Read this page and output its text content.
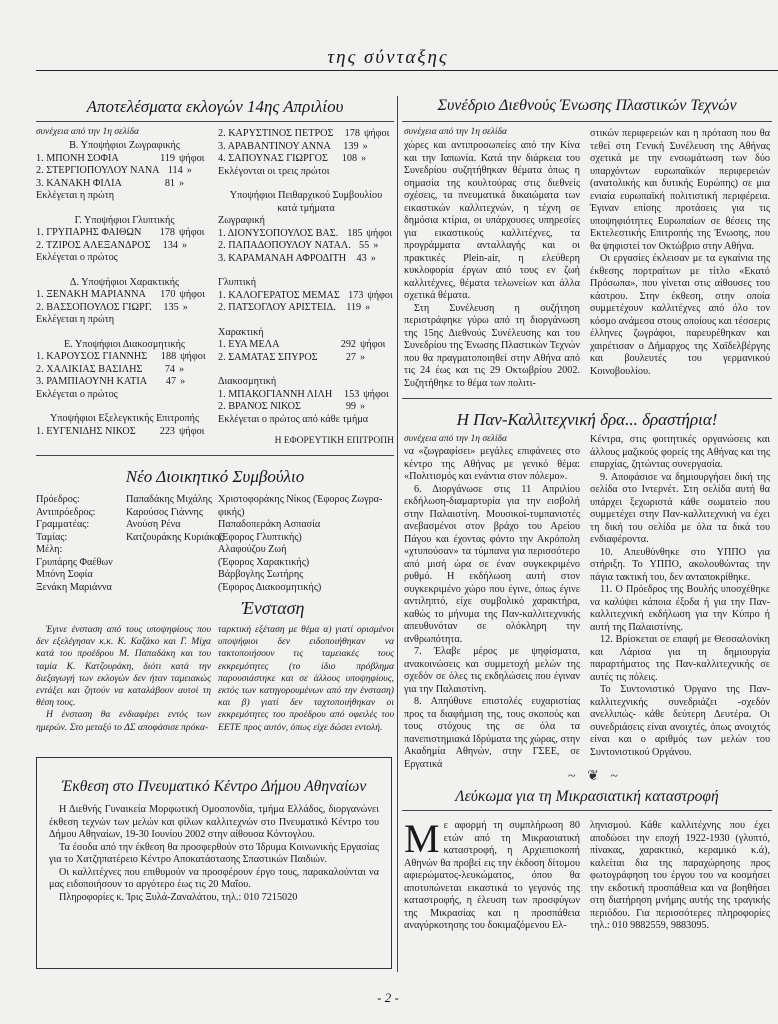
της σύνταξης
Αποτελέσματα εκλογών 14ης Απριλίου
συνέχεια από την 1η σελίδα
Β. Υποψήφιοι Ζωγραφικής
1. ΜΠΟΝΗ ΣΟΦΙΑ	119 ψήφοι
2. ΣΤΕΡΓΙΟΠΟΥΛΟΥ ΝΑΝΑ 114 »
3. ΚΑΝΑΚΗ ΦΙΛΙΑ	81 »
Εκλέγεται η πρώτη
Γ. Υποψήφιοι Γλυπτικής
1. ΓΡΥΠΑΡΗΣ ΦΑΙΘΩΝ	178 ψήφοι
2. ΤΖΙΡΟΣ ΑΛΕΞΑΝΔΡΟΣ	134 »
Εκλέγεται ο πρώτος
Δ. Υποψήφιοι Χαρακτικής
1. ΞΕΝΑΚΗ ΜΑΡΙΑΝΝΑ	170 ψήφοι
2. ΒΑΣΣΟΠΟΥΛΟΣ ΓΙΩΡΓ.	135 »
Εκλέγεται η πρώτη
Ε. Υποψήφιοι Διακοσμητικής
1. ΚΑΡΟΥΣΟΣ ΓΙΑΝΝΗΣ	188 ψήφοι
2. ΧΑΛΙΚΙΑΣ ΒΑΣΙΛΗΣ	74 »
3. ΡΑΜΠΙΑΟΥΝΗ ΚΑΤΙΑ	47 »
Εκλέγεται ο πρώτος
Υποψήφιοι Εξελεγκτικής Επιτροπής
1. ΕΥΓΕΝΙΔΗΣ ΝΙΚΟΣ	223 ψήφοι
2. ΚΑΡΥΣΤΙΝΟΣ ΠΕΤΡΟΣ	178 ψήφοι
3. ΑΡΑΒΑΝΤΙΝΟΥ ΑΝΝΑ	139 »
4. ΣΑΠΟΥΝΑΣ ΓΙΩΡΓΟΣ	108 »
Εκλέγονται οι τρεις πρώτοι
Υποψήφιοι Πειθαρχικού Συμβουλίου
κατά τμήματα
Ζωγραφική
1. ΔΙΟΝΥΣΟΠΟΥΛΟΣ ΒΑΣ. 185 ψήφοι
2. ΠΑΠΑΔΟΠΟΥΛΟΥ ΝΑΤΑΛ. 55 »
3. ΚΑΡΑΜΑΝΑΗ ΑΦΡΟΔΙΤΗ	43 »
Γλυπτική
1. ΚΑΛΟΓΕΡΑΤΟΣ ΜΕΜΑΣ 173 ψήφοι
2. ΠΑΤΣΟΓΛΟΥ ΑΡΙΣΤΕΙΔ.	119 »
Χαρακτική
1. ΕΥΑ ΜΕΛΑ	292 ψήφοι
2. ΣΑΜΑΤΑΣ ΣΠΥΡΟΣ	27 »
Διακοσμητική
1. ΜΠΑΚΟΓΙΑΝΝΗ ΛΙΛΗ	153 ψήφοι
2. ΒΡΑΝΟΣ ΝΙΚΟΣ	99 »
Εκλέγεται ο πρώτος από κάθε τμήμα
Η ΕΦΟΡΕΥΤΙΚΗ ΕΠΙΤΡΟΠΗ
Νέο Διοικητικό Συμβούλιο
Πρόεδρος:	Παπαδάκης Μιχάλης
Αντιπρόεδρος:	Καρούσος Γιάννης
Γραμματέας:	Ανούση Ρένα
Ταμίας:	Κατζουράκης Κυριάκος
Μέλη:
Γρυπάρης Φαέθων
Μπόνη Σοφία
Ξενάκη Μαριάννα
Χριστοφοράκης Νίκος (Έφορος Ζωγρα-
φικής)
Παπαδοπεράκη Ασπασία
(Έφορος Γλυπτικής)
Αλαφούζου Ζωή
(Έφορος Χαρακτικής)
Βάρβογλης Σωτήρης
(Έφορος Διακοσμητικής)
Ένσταση

Έγινε ένσταση από τους υποψηφίους που δεν εξελέγησαν κ.κ. Κ. Καζάκο και Γ. Μίχα κατά του προέδρου Μ. Παπαδάκη και του ταμία Κ. Κατζουράκη, διότι κατά την διεξαγωγή των εκλογών δεν ήταν ταμειακώς εντάξει και ζητούν να καταλάβουν αυτοί τη θέση τους.

Η ένσταση θα ενδιαφέρει εντός των ημερών. Στο μεταξύ το ΔΣ αποφάσισε πρόκα-

ταρκτική εξέταση με θέμα α) γιατί ορισμένοι υποψήφιοι δεν ειδοποιήθηκαν να τακτοποιήσουν τις ταμειακές τους εκκρεμότητες (το ίδιο πρόβλημα παρουσιάστηκε και σε άλλους υποψηφίους, εκτός των κατηγορουμένων από την ένσταση) και β) γιατί δεν ταχτοποιήθηκαν οι εκκρεμότητες του προέδρου από οφειλές του ΕΕΤΕ προς αυτόν, όπως είχε δώσει εντολή.
Έκθεση στο Πνευματικό Κέντρο Δήμου Αθηναίων

Η Διεθνής Γυναικεία Μορφωτική Ομοσπονδία, τμήμα Ελλάδος, διοργανώνει έκθεση τεχνών των μελών και φίλων καλλιτεχνών στο Πνευματικό Κέντρο του Δήμου Αθηναίων, 19-30 Ιουνίου 2002 στην αίθουσα Κόντογλου.

Τα έσοδα από την έκθεση θα προσφερθούν στο Ίδρυμα Κοινωνικής Εργασίας για το Χατζηπατέρειο Κέντρο Αποκατάστασης Σπαστικών Παιδιών.

Οι καλλιτέχνες που επιθυμούν να προσφέρουν έργο τους, παρακαλούνται να μας ειδοποιήσουν το αργότερο έως τις 20 Μαΐου.

Πληροφορίες κ. Ίρις Ξυλά-Ζαναλάτου, τηλ.: 010 7215020

Συνέδριο Διεθνούς Ένωσης Πλαστικών Τεχνών
συνέχεια από την 1η σελίδα

χώρες και αντιπροσωπείες από την Κίνα και την Ιαπωνία. Κατά την διάρκεια του Συνεδρίου συζητήθηκαν θέματα όπως η σημασία της κουλτούρας στις διεθνείς σχέσεις, τα πνευματικά δικαιώματα των εικαστικών καλλιτεχνών, η τέχνη σε δημόσια κτίρια, οι υπάρχουσες υπηρεσίες για εικαστικούς καλλιτέχνες, τα προγράμματα ανταλλαγής και οι πρακτικές Plein-air, η ελεύθερη κυκλοφορία έργων από τους εν ζωή καλλιτέχνες, θέματα τελωνείων και άλλα σχετικά θέματα.

Στη Συνέλευση η συζήτηση περιστράφηκε γύρω από τη διοργάνωση της 15ης Διεθνούς Συνέλευσης και του Συνεδρίου της Ένωσης Πλαστικών Τεχνών που θα πραγματοποιηθεί στην Αθήνα από τις 24 έως και τις 29 Οκτωβρίου 2002. Συζητήθηκε το θέμα των πολιτι-

στικών περιφερειών και η πρόταση που θα τεθεί στη Γενική Συνέλευση της Αθήνας σχετικά με την ενσωμάτωση των δύο υπαρχόντων ευρωπαϊκών περιφερειών (ανατολικής και δυτικής Ευρώπης) σε μια ενιαία ευρωπαϊκή πολιτιστική περιφέρεια. Έγιναν επίσης προτάσεις για τις υποψηφιότητες Ευρωπαίων σε θέσεις της Εκτελεστικής Επιτροπής της Ένωσης, που θα ψηφιστεί τον Οκτώβριο στην Αθήνα.

Οι εργασίες έκλεισαν με τα εγκαίνια της έκθεσης πορτραίτων με τίτλο «Εκατό Πρόσωπα», που γίνεται στις αίθουσες του κάστρου. Στην έκθεση, στην οποία συμμετέχουν καλλιτέχνες από όλο τον κόσμο ανάμεσα στους οποίους και τέσσερις έλληνες ζωγράφοι, παρευρέθηκαν και χαιρέτισαν ο Δήμαρχος της Χαϊδελβέργης και βουλευτές του γερμανικού Κοινοβουλίου.

Η Παν-Καλλιτεχνική δρα... δραστήρια!
συνέχεια από την 1η σελίδα

να «ζωγραφίσει» μεγάλες επιφάνειες στο κέντρο της Αθήνας με γενικό θέμα: «Πολιτισμός και ενάντια στον πόλεμο».

6. Διοργάνωσε στις 11 Απριλίου εκδήλωση-διαμαρτυρία για την εισβολή στην Παλαιστίνη. Μουσικοί-τυμπανιστές ανεβασμένοι στον βράχο του Αρείου Πάγου και έχοντας φόντο την Ακρόπολη «χτυπούσαν» τα τύμπανα για περισσότερο από μισή ώρα σε έναν συγκεκριμένο ρυθμό. Η εκδήλωση αυτή στον συγκεκριμένο χώρο που έγινε, όπως έγινε αντιληπτό, είχε συμβολικό χαρακτήρα, καθώς το μήνυμα της Παν-καλλιτεχνικής απευθυνόταν σε ολόκληρη την ανθρωπότητα.

7. Έλαβε μέρος με ψηφίσματα, ανακοινώσεις και συμμετοχή μελών της σχεδόν σε όλες τις εκδηλώσεις που έγιναν για την Παλαιστίνη.

8. Απηύθυνε επιστολές ευχαριστίας προς τα διαφήμιση της, τους σκοπούς και τους στόχους της σε όλα τα πανεπιστημιακά Ιδρύματα της χώρας, στην Ακαδημία Αθηνών, στην ΓΣΕΕ, σε Εργατικά

Κέντρα, στις φοιτητικές οργανώσεις και άλλους μαζικούς φορείς της Αθήνας και της επαρχίας, ζητώντας συνεργασία.

9. Αποφάσισε να δημιουργήσει δική της σελίδα στο Ιντερνέτ. Στη σελίδα αυτή θα υπάρχει ξεχωριστά κάθε σωματείο που συμμετέχει στην Παν-καλλιτεχνική να έχει τη δική του σελίδα με όλα τα δικά του ενδιαφέροντα.

10. Απευθύνθηκε στο ΥΠΠΟ για στήριξη. Το ΥΠΠΟ, ακολουθώντας την πάγια τακτική του, δεν ανταποκρίθηκε.

11. Ο Πρόεδρος της Βουλής υποσχέθηκε να καλύψει κάποια έξοδα ή για την Παν-καλλιτεχνική εκδήλωση για την Κύπρο ή αυτή της Παλαιστίνης.

12. Βρίσκεται σε επαφή με Θεσσαλονίκη και Λάρισα για τη δημιουργία παραρτήματος της Παν-καλλιτεχνικής σε αυτές τις πόλεις.

Το Συντονιστικό Όργανο της Παν-καλλιτεχνικής συνεδριάζει -σχεδόν ανελλιπώς- κάθε δεύτερη Δευτέρα. Οι συνεδριάσεις είναι ανοιχτές, όπως ανοιχτός είναι και ο αριθμός των μελών του Συντονιστικού Οργάνου.

~ ❦ ~
Λεύκωμα για τη Μικρασιατική καταστροφή
Μ ε αφορμή τη συμπλήρωση 80 ετών από τη Μικρασιατική καταστροφή, η Αρχιεπισκοπή Αθηνών θα προβεί εις την έκδοση δίτομου αφιερώματος-λευκώματος, όπου θα αποτυπώνεται εικαστικά το γεγονός της καταστροφής, η έλευση των προσφύγων της Μικρασίας και η προσπάθεια αναγύρκοτησης του δοκιμαζόμενου Ελ-
ληνισμού. Κάθε καλλιτέχνης που έχει αποδώσει την εποχή 1922-1930 (γλυπτό, πίνακας, χαρακτικό, κεραμικό κ.ά), καλείται δια της παραχώρησης προς φωτογράφηση του έργου του να κοσμήσει την εκδοτική προσπάθεια και να βοηθήσει στη διατήρηση μνήμης αυτής της τραγικής περιόδου. Για περισσότερες πληροφορίες τηλ.: 010 9882559, 9883095.
- 2 -
